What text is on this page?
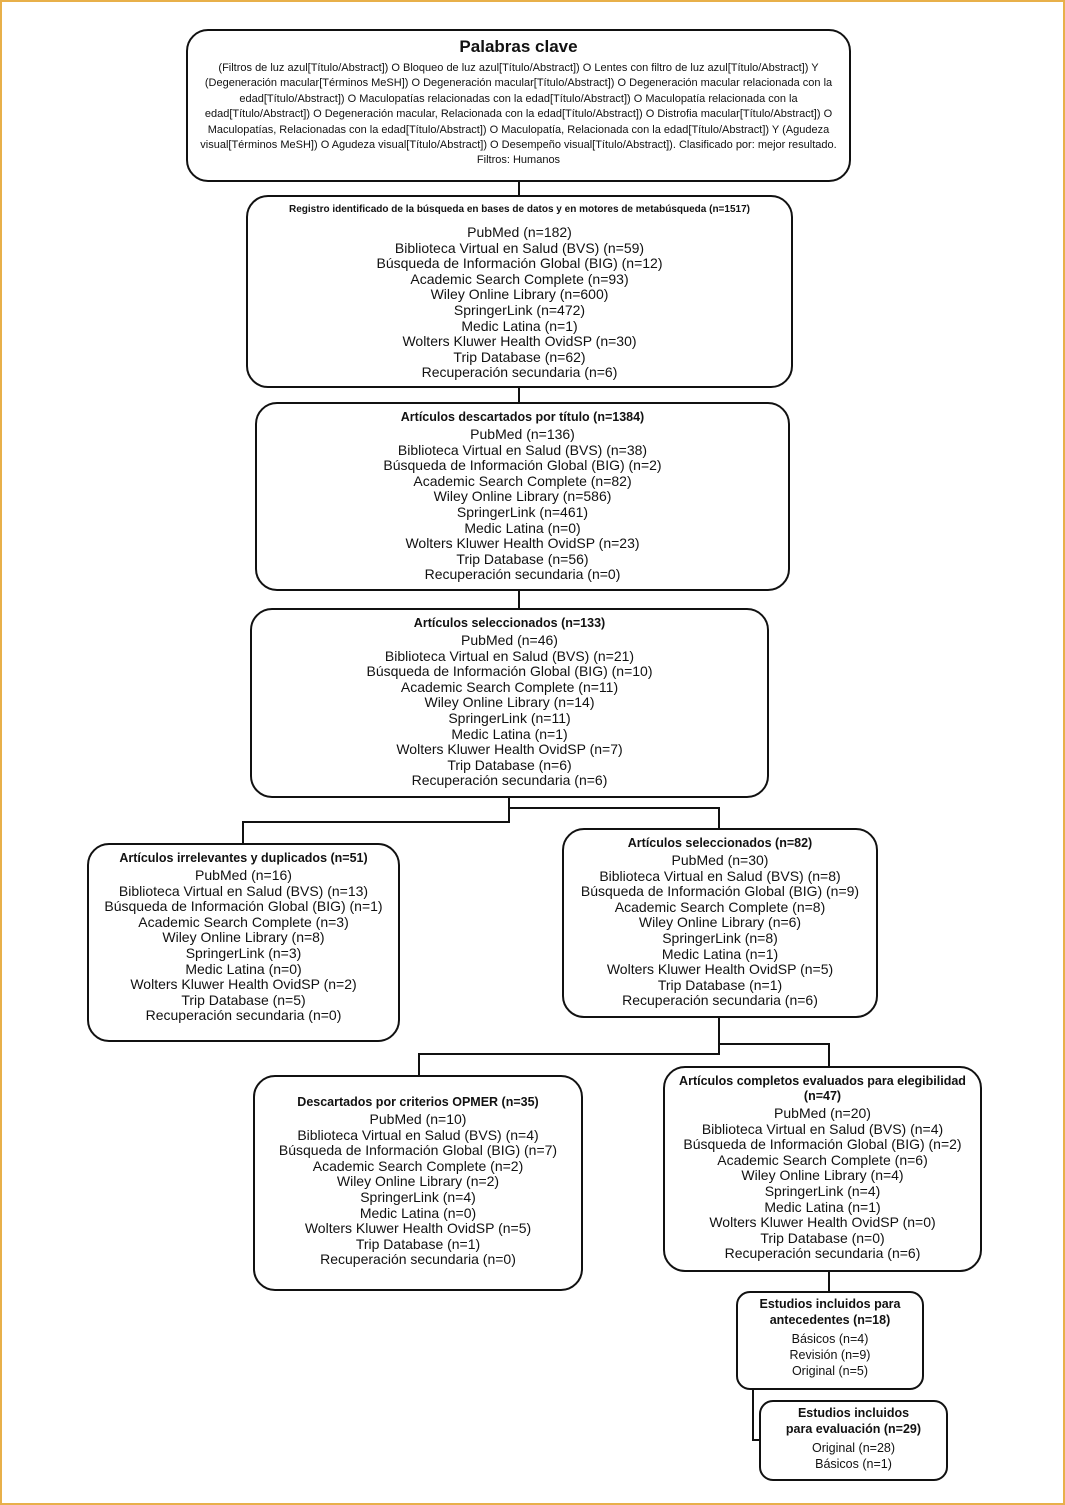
Palabras clave
(Filtros de luz azul[Título/Abstract]) O Bloqueo de luz azul[Título/Abstract]) O Lentes con filtro de luz azul[Título/Abstract]) Y (Degeneración macular[Términos MeSH]) O Degeneración macular[Título/Abstract]) O Degeneración macular relacionada con la edad[Título/Abstract]) O Maculopatías relacionadas con la edad[Título/Abstract]) O Maculopatía relacionada con la edad[Título/Abstract]) O Degeneración macular, Relacionada con la edad[Título/Abstract]) O Distrofia macular[Título/Abstract]) O Maculopatías, Relacionadas con la edad[Título/Abstract]) O Maculopatía, Relacionada con la edad[Título/Abstract]) Y (Agudeza visual[Términos MeSH]) O Agudeza visual[Título/Abstract]) O Desempeño visual[Título/Abstract]). Clasificado por: mejor resultado. Filtros: Humanos
Registro identificado de la búsqueda en bases de datos y en motores de metabúsqueda (n=1517)
PubMed (n=182)
Biblioteca Virtual en Salud (BVS) (n=59)
Búsqueda de Información Global (BIG) (n=12)
Academic Search Complete (n=93)
Wiley Online Library (n=600)
SpringerLink (n=472)
Medic Latina (n=1)
Wolters Kluwer Health OvidSP (n=30)
Trip Database (n=62)
Recuperación secundaria (n=6)
Artículos descartados por título (n=1384)
PubMed (n=136)
Biblioteca Virtual en Salud (BVS) (n=38)
Búsqueda de Información Global (BIG) (n=2)
Academic Search Complete (n=82)
Wiley Online Library (n=586)
SpringerLink (n=461)
Medic Latina (n=0)
Wolters Kluwer Health OvidSP (n=23)
Trip Database (n=56)
Recuperación secundaria (n=0)
Artículos seleccionados (n=133)
PubMed (n=46)
Biblioteca Virtual en Salud (BVS) (n=21)
Búsqueda de Información Global (BIG) (n=10)
Academic Search Complete (n=11)
Wiley Online Library (n=14)
SpringerLink (n=11)
Medic Latina (n=1)
Wolters Kluwer Health OvidSP (n=7)
Trip Database (n=6)
Recuperación secundaria (n=6)
Artículos irrelevantes y duplicados (n=51)
PubMed (n=16)
Biblioteca Virtual en Salud (BVS) (n=13)
Búsqueda de Información Global (BIG) (n=1)
Academic Search Complete (n=3)
Wiley Online Library (n=8)
SpringerLink (n=3)
Medic Latina (n=0)
Wolters Kluwer Health OvidSP (n=2)
Trip Database (n=5)
Recuperación secundaria (n=0)
Artículos seleccionados (n=82)
PubMed (n=30)
Biblioteca Virtual en Salud (BVS) (n=8)
Búsqueda de Información Global (BIG) (n=9)
Academic Search Complete (n=8)
Wiley Online Library (n=6)
SpringerLink (n=8)
Medic Latina (n=1)
Wolters Kluwer Health OvidSP (n=5)
Trip Database (n=1)
Recuperación secundaria (n=6)
Descartados por criterios OPMER (n=35)
PubMed (n=10)
Biblioteca Virtual en Salud (BVS) (n=4)
Búsqueda de Información Global (BIG) (n=7)
Academic Search Complete (n=2)
Wiley Online Library (n=2)
SpringerLink (n=4)
Medic Latina (n=0)
Wolters Kluwer Health OvidSP (n=5)
Trip Database (n=1)
Recuperación secundaria (n=0)
Artículos completos evaluados para elegibilidad
(n=47)
PubMed (n=20)
Biblioteca Virtual en Salud (BVS) (n=4)
Búsqueda de Información Global (BIG) (n=2)
Academic Search Complete (n=6)
Wiley Online Library (n=4)
SpringerLink (n=4)
Medic Latina (n=1)
Wolters Kluwer Health OvidSP (n=0)
Trip Database (n=0)
Recuperación secundaria (n=6)
Estudios incluidos para
antecedentes (n=18)
Básicos (n=4)
Revisión (n=9)
Original (n=5)
Estudios incluidos
para evaluación (n=29)
Original (n=28)
Básicos (n=1)
